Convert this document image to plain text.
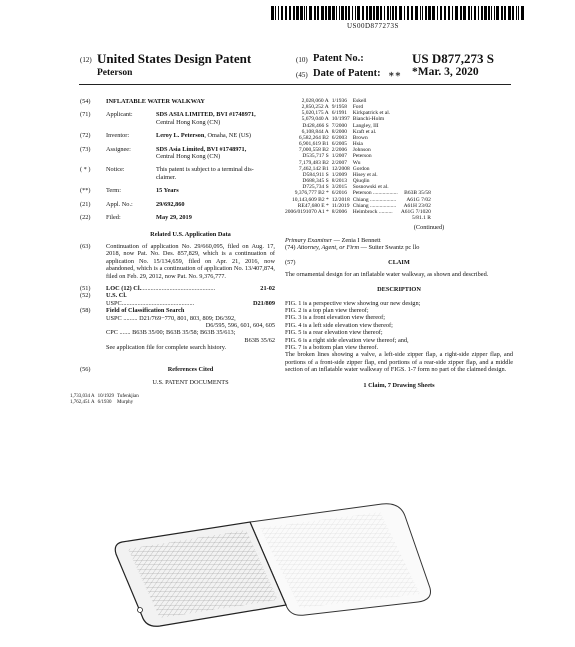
US00D877273S
(12) United States Design Patent
Peterson
(10) Patent No.:	US D877,273 S
(45) Date of Patent: ∗∗ *Mar. 3, 2020
(54)	INFLATABLE WATER WALKWAY
(71)	Applicant:	SDS ASIA LIMITED, BVI #1748971,
Central Hong Kong (CN)
(72)	Inventor:	Leroy L. Peterson, Omaha, NE (US)
(73)	Assignee:	SDS Asia Limited, BVI #1748971,
Central Hong Kong (CN)
( * )	Notice:	This patent is subject to a terminal dis-
claimer.
(**)	Term:	15 Years
(21)	Appl. No.:	29/692,860
(22)	Filed:	May 29, 2019
Related U.S. Application Data
(63)	Continuation of application No. 29/660,095, filed on Aug. 17, 2018, now Pat. No. Des. 857,829, which is a continuation of application No. 15/134,659, filed on Apr. 21, 2016, now abandoned, which is a continuation of application No. 13/407,874, filed on Feb. 29, 2012, now Pat. No. 9,376,777.

(51)	LOC (12) Cl. ...............................................	21-02
(52)	U.S. Cl.
USPC ..............................................	D21/809
(58)	Field of Classification Search
USPC ......... D21/769−770, 801, 803, 809; D6/392,

D6/595, 596, 601, 604, 605
CPC ....... B63B 35/00; B63B 35/58; B63B 35/613;

B63B 35/62
See application file for complete search history.
(56)	References Cited
U.S. PATENT DOCUMENTS
1,733,034 A	10/1929	Tufenkjian
1,762,451 A	6/1930	Murphy
2,028,060 A	1/1936	Eskell	
2,850,252 A	9/1958	Ford	
5,020,175 A	6/1991	Kirkpatrick et al.	
5,679,040 A	10/1997	Bianchi-Holm	
D428,466 S	7/2000	Langley, III	
6,108,844 A	8/2000	Kraft et al.	
6,582,264 B2	6/2003	Brown	
6,901,619 B1	6/2005	Hsia	
7,000,558 B2	2/2006	Johnson	
D535,717 S	1/2007	Peterson	
7,179,483 B2	2/2007	Wu	
7,462,142 B1	12/2008	Gordon	
D584,911 S	1/2009	Hisey et al.	
D688,345 S	8/2013	Qiuqlin	
D725,734 S	3/2015	Sosnowski et al.	
9,376,777 B2 *	6/2016	Peterson ..................	B63B 35/58
10,143,609 B2 *	12/2018	Chiang ...................	A61G 7/02
RE47,680 E *	11/2019	Chiang ...................	A61H 23/02
2006/0191070 A1 *	8/2006	Heimbrock ..........	A61G 7/1020
			5/81.1 R
(Continued)
Primary Examiner — Zenia I Bennett
(74) Attorney, Agent, or Firm — Suiter Swantz pc llo
(57)	CLAIM

The ornamental design for an inflatable water walkway, as shown and described.

DESCRIPTION
FIG. 1 is a perspective view showing our new design;
FIG. 2 is a top plan view thereof;
FIG. 3 is a front elevation view thereof;
FIG. 4 is a left side elevation view thereof;
FIG. 5 is a rear elevation view thereof;
FIG. 6 is a right side elevation view thereof; and,
FIG. 7 is a bottom plan view thereof.

The broken lines showing a valve, a left-side zipper flap, a right-side zipper flap, and portions of a front-side zipper flap, end portions of a rear-side zipper flap, and a middle section of an inflatable water walkway of FIGS. 1-7 form no part of the claimed design.

1 Claim, 7 Drawing Sheets
